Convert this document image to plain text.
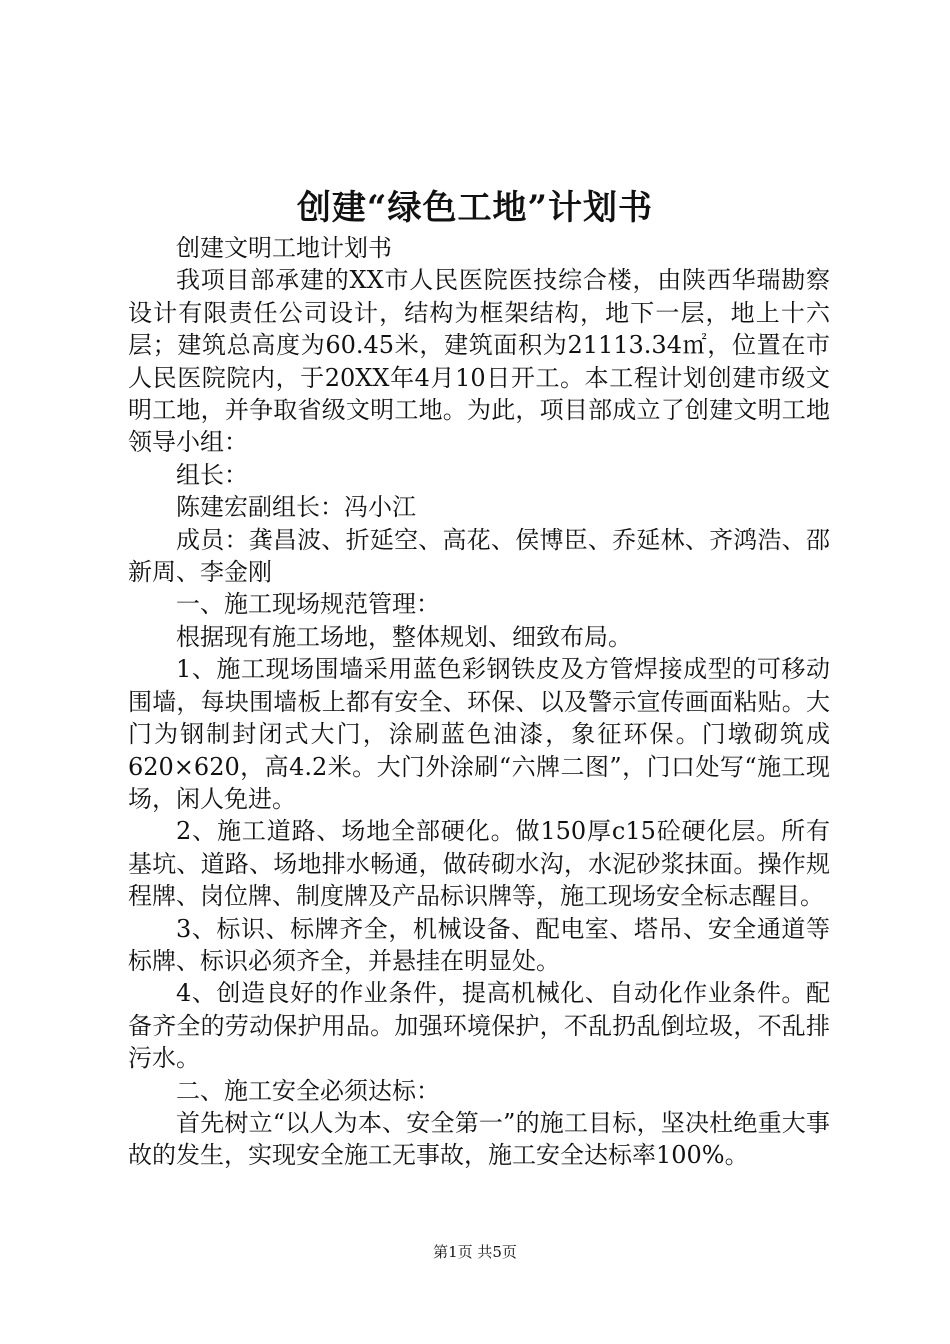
创建“绿色工地”计划书

创建文明工地计划书

我项目部承建的XX市人民医院医技综合楼，由陕西华瑞勘察设计有限责任公司设计，结构为框架结构，地下一层，地上十六层；建筑总高度为60.45米，建筑面积为21113.34㎡，位置在市人民医院院内，于20XX年4月10日开工。本工程计划创建市级文明工地，并争取省级文明工地。为此，项目部成立了创建文明工地领导小组：

组长：

陈建宏副组长：冯小江

成员：龚昌波、折延空、高花、侯博臣、乔延林、齐鸿浩、邵新周、李金刚

一、施工现场规范管理：

根据现有施工场地，整体规划、细致布局。

1、施工现场围墙采用蓝色彩钢铁皮及方管焊接成型的可移动围墙，每块围墙板上都有安全、环保、以及警示宣传画面粘贴。大门为钢制封闭式大门，涂刷蓝色油漆，象征环保。门墩砌筑成620×620，高4.2米。大门外涂刷“六牌二图”，门口处写“施工现场，闲人免进。

2、施工道路、场地全部硬化。做150厚c15砼硬化层。所有基坑、道路、场地排水畅通，做砖砌水沟，水泥砂浆抹面。操作规程牌、岗位牌、制度牌及产品标识牌等，施工现场安全标志醒目。

3、标识、标牌齐全，机械设备、配电室、塔吊、安全通道等标牌、标识必须齐全，并悬挂在明显处。

4、创造良好的作业条件，提高机械化、自动化作业条件。配备齐全的劳动保护用品。加强环境保护，不乱扔乱倒垃圾，不乱排污水。

二、施工安全必须达标：

首先树立“以人为本、安全第一”的施工目标，坚决杜绝重大事故的发生，实现安全施工无事故，施工安全达标率100%。

第1页 共5页
